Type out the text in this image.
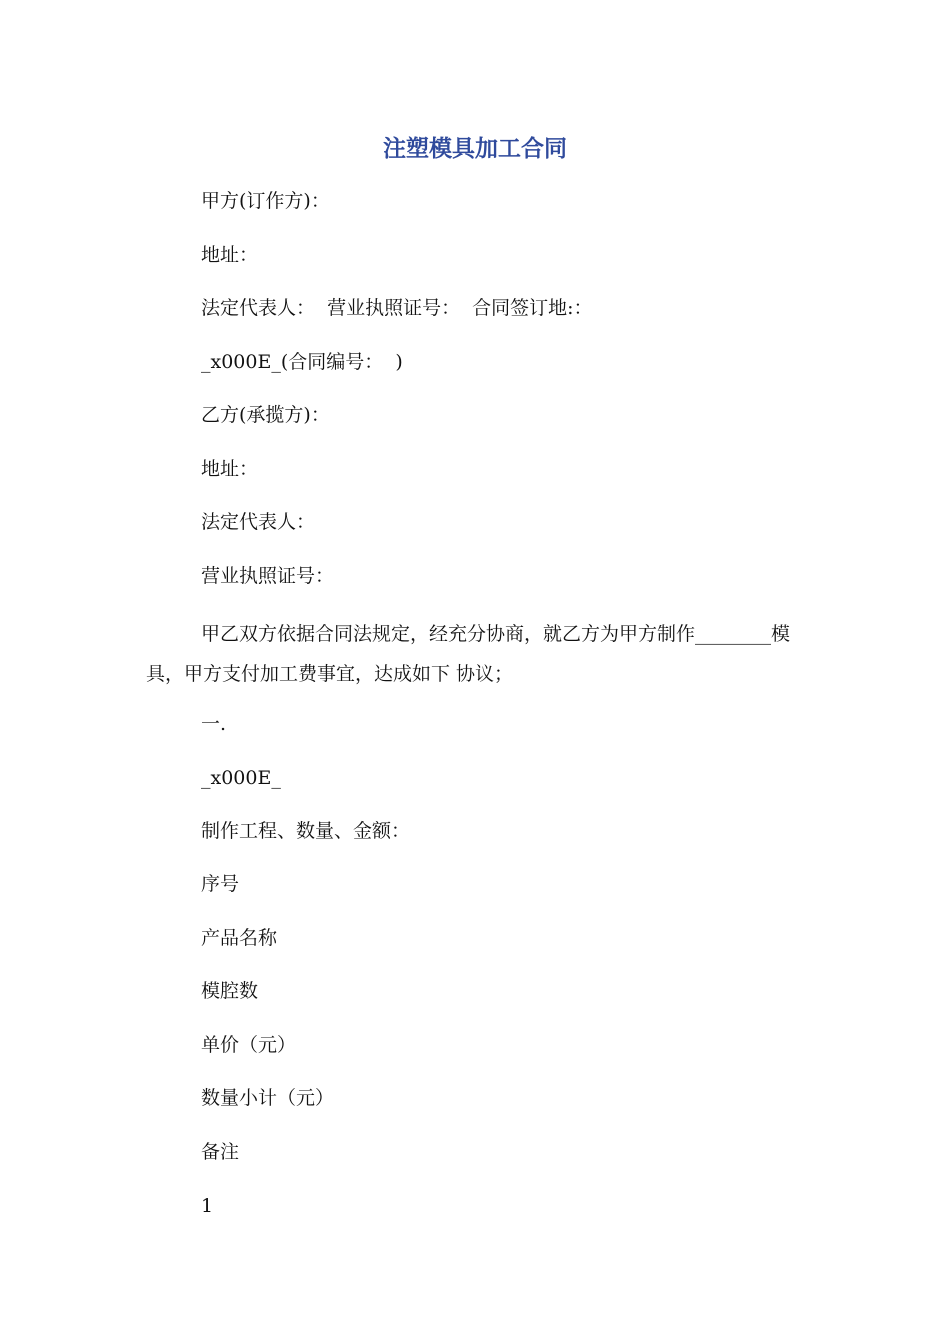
注塑模具加工合同

甲方(订作方)：

地址：

法定代表人：  营业执照证号：  合同签订地:：

_x000E_(合同编号：  )

乙方(承揽方)：

地址：

法定代表人：

营业执照证号：

甲乙双方依据合同法规定，经充分协商，就乙方为甲方制作________模具，甲方支付加工费事宜，达成如下 协议；

一.

_x000E_

制作工程、数量、金额：

序号

产品名称

模腔数

单价（元）

数量小计（元）

备注

1
